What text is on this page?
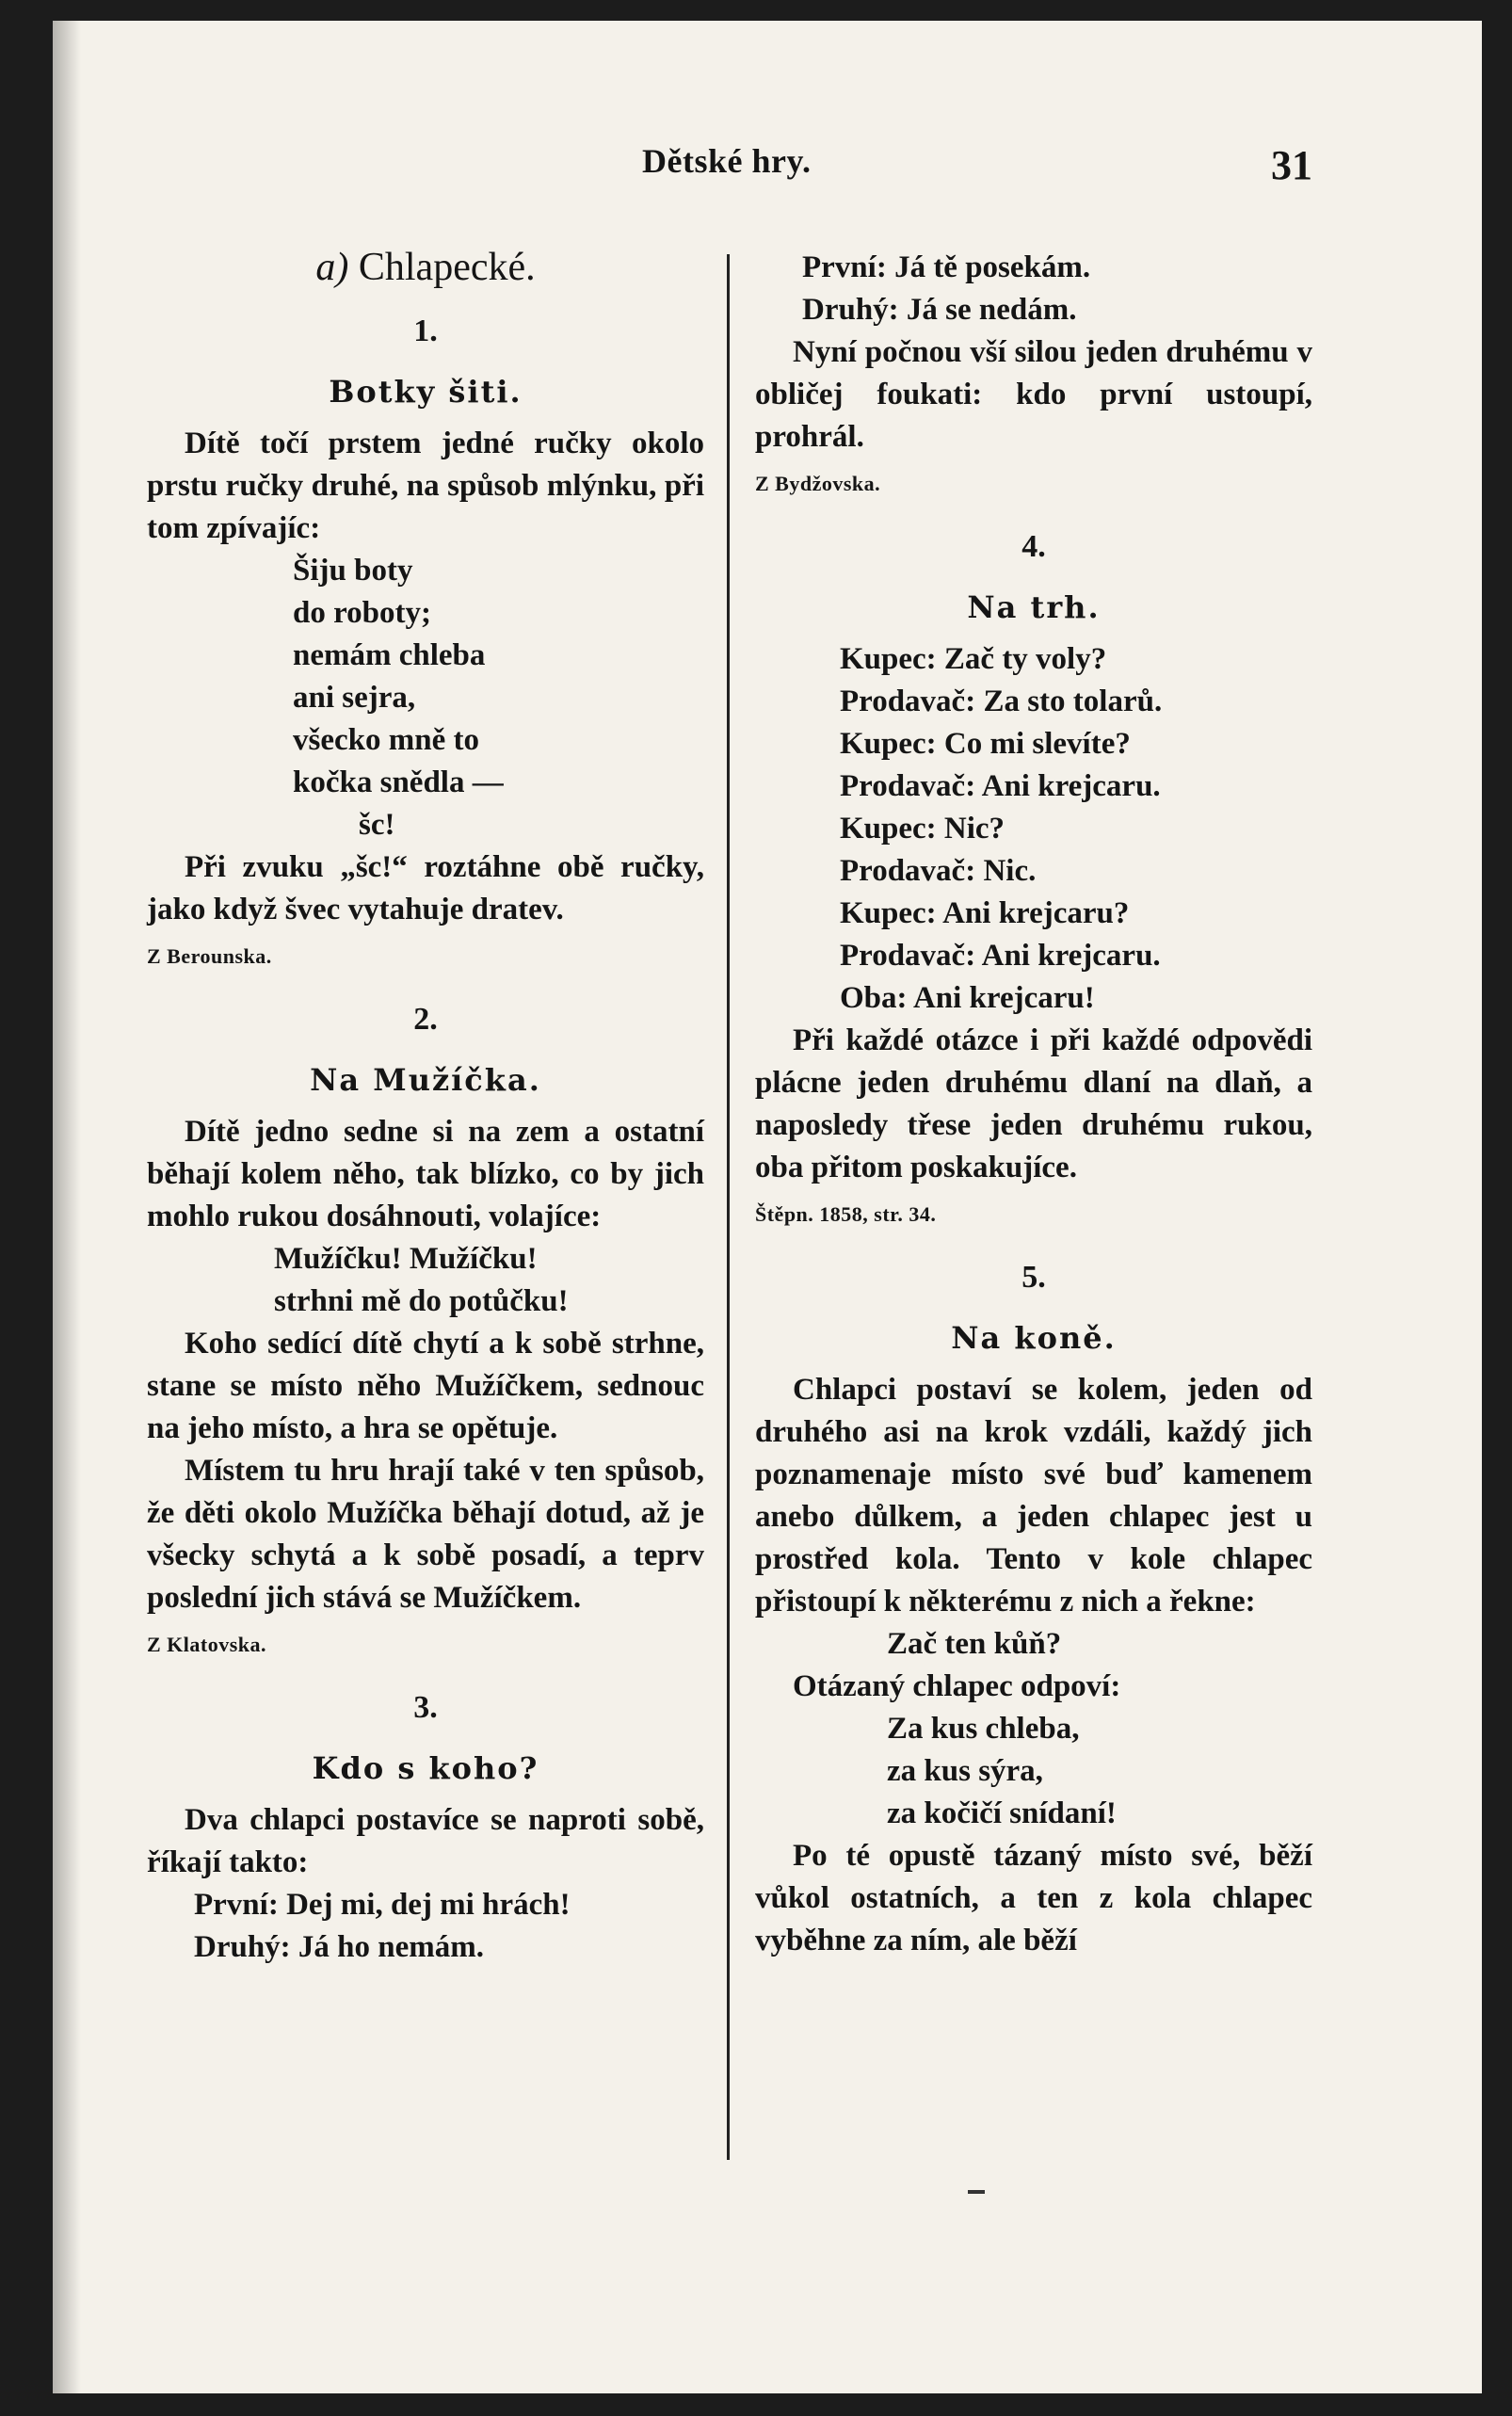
Dětské hry.	31
a) Chlapecké.
1.
Botky šiti.

Dítě točí prstem jedné ručky okolo prstu ručky druhé, na spůsob mlýnku, při tom zpívajíc:

Šiju boty
do roboty;
nemám chleba
ani sejra,
všecko mně to
kočka snědla —
šc!

Při zvuku „šc!“ roztáhne obě ručky, jako když švec vytahuje dratev.

Z Berounska.
2.
Na Mužíčka.

Dítě jedno sedne si na zem a ostatní běhají kolem něho, tak blízko, co by jich mohlo rukou dosáhnouti, volajíce:

Mužíčku! Mužíčku!
strhni mě do potůčku!

Koho sedící dítě chytí a k sobě strhne, stane se místo něho Mužíčkem, sednouc na jeho místo, a hra se opětuje.

Místem tu hru hrají také v ten spůsob, že děti okolo Mužíčka běhají dotud, až je všecky schytá a k sobě posadí, a teprv poslední jich stává se Mužíčkem.

Z Klatovska.
3.
Kdo s koho?

Dva chlapci postavíce se naproti sobě, říkají takto:

První: Dej mi, dej mi hrách!
Druhý: Já ho nemám.
První: Já tě posekám.
Druhý: Já se nedám.

Nyní počnou vší silou jeden druhému v obličej foukati: kdo první ustoupí, prohrál.

Z Bydžovska.
4.
Na trh.
Kupec: Zač ty voly?
Prodavač: Za sto tolarů.
Kupec: Co mi slevíte?
Prodavač: Ani krejcaru.
Kupec: Nic?
Prodavač: Nic.
Kupec: Ani krejcaru?
Prodavač: Ani krejcaru.
Oba: Ani krejcaru!

Při každé otázce i při každé odpovědi plácne jeden druhému dlaní na dlaň, a naposledy třese jeden druhému rukou, oba přitom poskakujíce.

Štěpn. 1858, str. 34.
5.
Na koně.

Chlapci postaví se kolem, jeden od druhého asi na krok vzdáli, každý jich poznamenaje místo své buď kamenem anebo důlkem, a jeden chlapec jest u prostřed kola. Tento v kole chlapec přistoupí k některému z nich a řekne:

Zač ten kůň?

Otázaný chlapec odpoví:

Za kus chleba,
za kus sýra,
za kočičí snídaní!

Po té opustě tázaný místo své, běží vůkol ostatních, a ten z kola chlapec vyběhne za ním, ale běží
